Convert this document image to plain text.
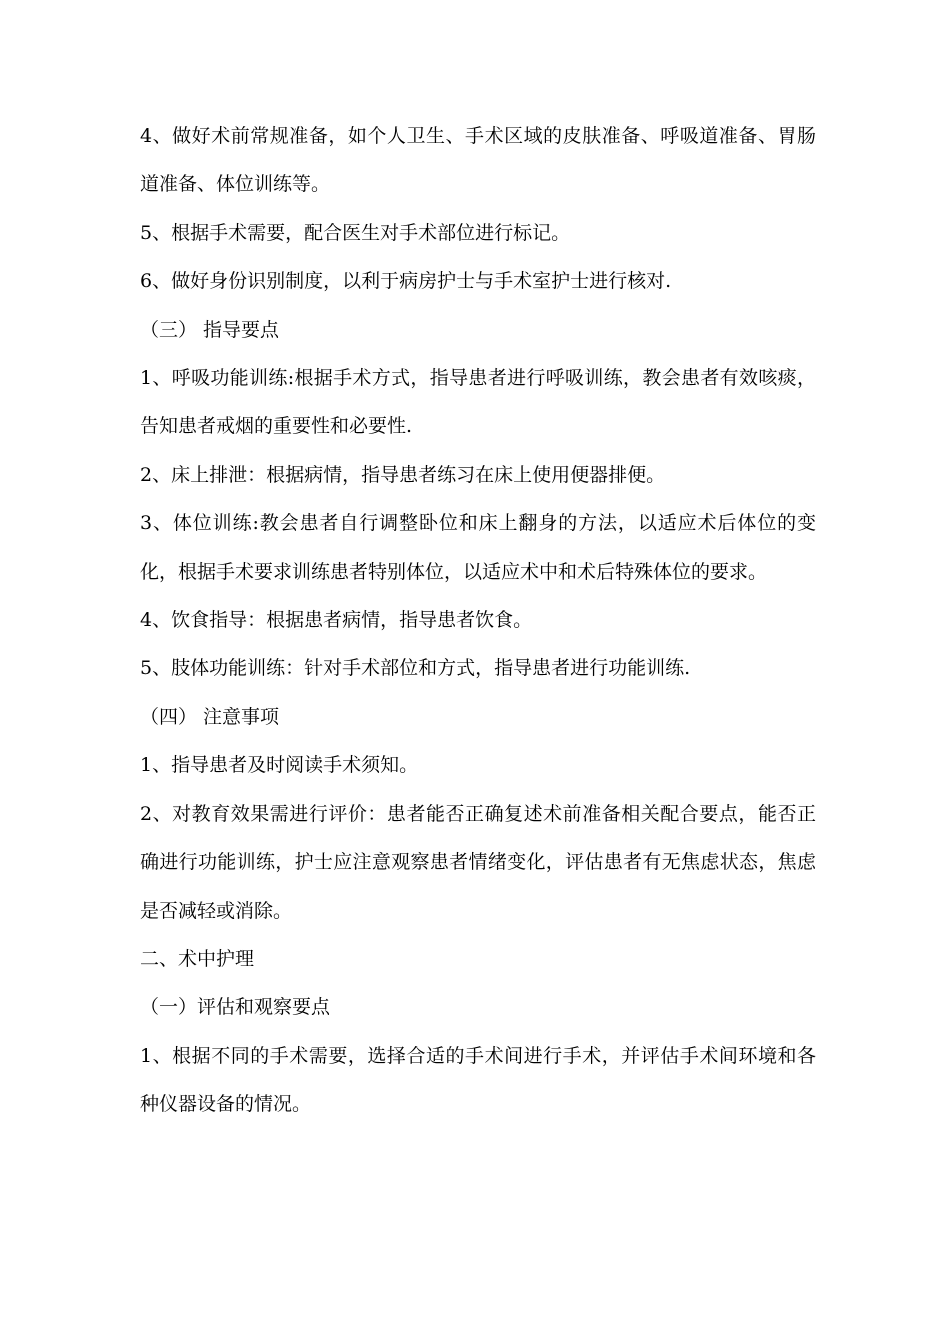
4、做好术前常规准备，如个人卫生、手术区域的皮肤准备、呼吸道准备、胃肠道准备、体位训练等。

5、根据手术需要，配合医生对手术部位进行标记。

6、做好身份识别制度，以利于病房护士与手术室护士进行核对.

（三） 指导要点

1、呼吸功能训练:根据手术方式，指导患者进行呼吸训练，教会患者有效咳痰，告知患者戒烟的重要性和必要性.

2、床上排泄：根据病情，指导患者练习在床上使用便器排便。

3、体位训练:教会患者自行调整卧位和床上翻身的方法，以适应术后体位的变化，根据手术要求训练患者特别体位，以适应术中和术后特殊体位的要求。

4、饮食指导：根据患者病情，指导患者饮食。

5、肢体功能训练：针对手术部位和方式，指导患者进行功能训练.

（四） 注意事项

1、指导患者及时阅读手术须知。

2、对教育效果需进行评价：患者能否正确复述术前准备相关配合要点，能否正确进行功能训练，护士应注意观察患者情绪变化，评估患者有无焦虑状态，焦虑是否减轻或消除。

二、术中护理

（一）评估和观察要点

1、根据不同的手术需要，选择合适的手术间进行手术，并评估手术间环境和各种仪器设备的情况。
